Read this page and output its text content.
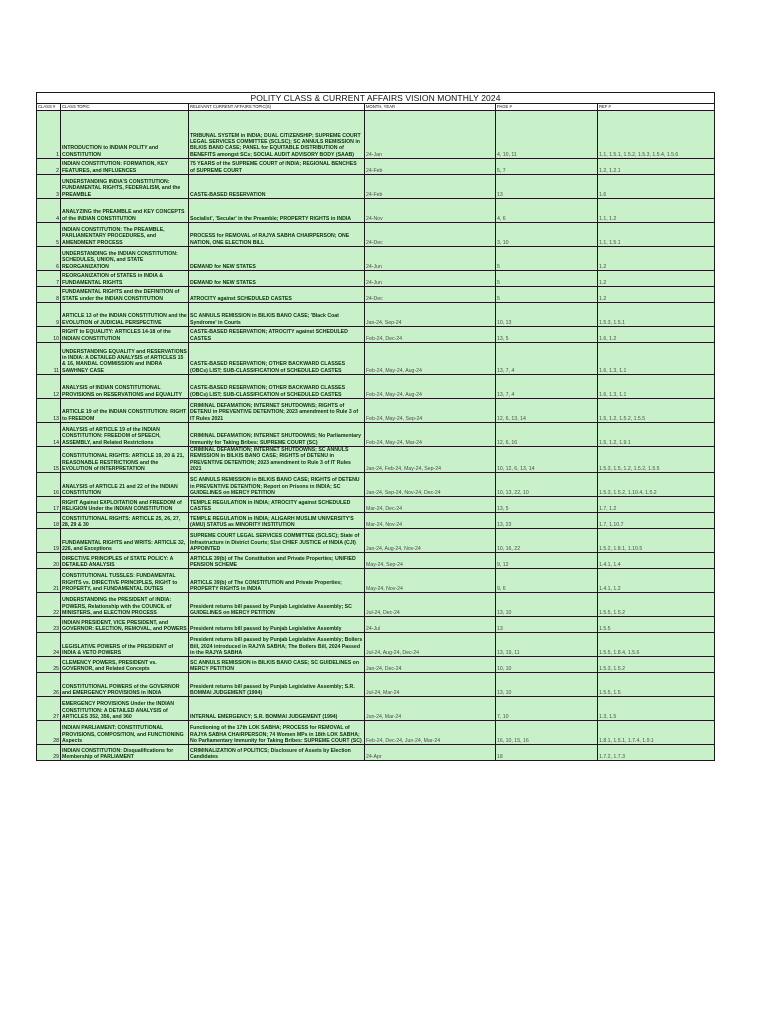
POLITY CLASS & CURRENT AFFAIRS VISION MONTHLY 2024					
CLASS #	CLASS TOPIC	RELEVANT CURRENT AFFAIRS TOPIC(S)	MONTH, YEAR	PAGE #	REF #
1	INTRODUCTION to INDIAN POLITY and CONSTITUTION	TRIBUNAL SYSTEM in INDIA; DUAL CITIZENSHIP; SUPREME COURT LEGAL SERVICES COMMITTEE (SCLSC); SC ANNULS REMISSION in BILKIS BANO CASE; PANEL for EQUITABLE DISTRIBUTION of BENEFITS amongst SCs; SOCIAL AUDIT ADVISORY BODY (SAAB)	24-Jan	4, 10, 11	1.1, 1.5.1, 1.5.2, 1.5.3, 1.5.4, 1.5.6
2	INDIAN CONSTITUTION: FORMATION, KEY FEATURES, and INFLUENCES	75 YEARS of the SUPREME COURT of INDIA; REGIONAL BENCHES of SUPREME COURT	24-Feb	5, 7	1.2, 1.2.1
3	UNDERSTANDING INDIA'S CONSTITUTION: FUNDAMENTAL RIGHTS, FEDERALISM, and the PREAMBLE	CASTE-BASED RESERVATION	24-Feb	13	1.6
4	ANALYZING the PREAMBLE and KEY CONCEPTS of the INDIAN CONSTITUTION	Socialist', 'Secular' in the Preamble; PROPERTY RIGHTS in INDIA	24-Nov	4, 6	1.1, 1.2
5	INDIAN CONSTITUTION: The PREAMBLE, PARLIAMENTARY PROCEDURES, and AMENDMENT PROCESS	PROCESS for REMOVAL of RAJYA SABHA CHAIRPERSON; ONE NATION, ONE ELECTION BILL	24-Dec	3, 10	1.1, 1.5.1
6	UNDERSTANDING the INDIAN CONSTITUTION: SCHEDULES, UNION, and STATE REORGANIZATION	DEMAND for NEW STATES	24-Jun	5	1.2
7	REORGANIZATION of STATES in INDIA & FUNDAMENTAL RIGHTS	DEMAND for NEW STATES	24-Jun	5	1.2
8	FUNDAMENTAL RIGHTS and the DEFINITION of STATE under the INDIAN CONSTITUTION	ATROCITY against SCHEDULED CASTES	24-Dec	5	1.2
9	ARTICLE 13 of the INDIAN CONSTITUTION and the EVOLUTION of JUDICIAL PERSPECTIVE	SC ANNULS REMISSION in BILKIS BANO CASE; 'Black Coat Syndrome' in Courts	Jan-24, Sep-24	10, 13	1.5.3, 1.5.1
10	RIGHT to EQUALITY: ARTICLES 14-18 of the INDIAN CONSTITUTION	CASTE-BASED RESERVATION; ATROCITY against SCHEDULED CASTES	Feb-24, Dec-24	13, 5	1.6, 1.2
11	UNDERSTANDING EQUALITY and RESERVATIONS in INDIA: A DETAILED ANALYSIS of ARTICLES 15 & 16, MANDAL COMMISSION and INDRA SAWHNEY CASE	CASTE-BASED RESERVATION; OTHER BACKWARD CLASSES (OBCs) LIST; SUB-CLASSIFICATION of SCHEDULED CASTES	Feb-24, May-24, Aug-24	13, 7, 4	1.6, 1.3, 1.1
12	ANALYSIS of INDIAN CONSTITUTIONAL PROVISIONS on RESERVATIONS and EQUALITY	CASTE-BASED RESERVATION; OTHER BACKWARD CLASSES (OBCs) LIST; SUB-CLASSIFICATION of SCHEDULED CASTES	Feb-24, May-24, Aug-24	13, 7, 4	1.6, 1.3, 1.1
13	ARTICLE 19 of the INDIAN CONSTITUTION: RIGHT to FREEDOM	CRIMINAL DEFAMATION; INTERNET SHUTDOWNS; RIGHTS of DETENU in PREVENTIVE DETENTION; 2023 amendment to Rule 3 of IT Rules 2021	Feb-24, May-24, Sep-24	12, 6, 13, 14	1.5, 1.2, 1.5.2, 1.5.5
14	ANALYSIS of ARTICLE 19 of the INDIAN CONSTITUTION: FREEDOM of SPEECH, ASSEMBLY, and Related Restrictions	CRIMINAL DEFAMATION; INTERNET SHUTDOWNS; No Parliamentary Immunity for Taking Bribes: SUPREME COURT (SC)	Feb-24, May-24, Mar-24	12, 6, 16	1.5, 1.2, 1.9.1
15	CONSTITUTIONAL RIGHTS: ARTICLE 19, 20 & 21, REASONABLE RESTRICTIONS and the EVOLUTION of INTERPRETATION	CRIMINAL DEFAMATION; INTERNET SHUTDOWNS; SC ANNULS REMISSION in BILKIS BANO CASE; RIGHTS of DETENU in PREVENTIVE DETENTION; 2023 amendment to Rule 3 of IT Rules 2021	Jan-24, Feb-24, May-24, Sep-24	10, 12, 6, 13, 14	1.5.3, 1.5, 1.2, 1.5.2, 1.5.5
16	ANALYSIS of ARTICLE 21 and 22 of the INDIAN CONSTITUTION	SC ANNULS REMISSION in BILKIS BANO CASE; RIGHTS of DETENU in PREVENTIVE DETENTION; Report on Prisons in INDIA; SC GUIDELINES on MERCY PETITION	Jan-24, Sep-24, Nov-24, Dec-24	10, 13, 22, 10	1.5.3, 1.5.2, 1.10.4, 1.5.2
17	RIGHT Against EXPLOITATION and FREEDOM of RELIGION Under the INDIAN CONSTITUTION	TEMPLE REGULATION in INDIA; ATROCITY against SCHEDULED CASTES	Mar-24, Dec-24	13, 5	1.7, 1.2
18	CONSTITUTIONAL RIGHTS: ARTICLE 25, 26, 27, 28, 29 & 30	TEMPLE REGULATION in INDIA; ALIGARH MUSLIM UNIVERSITY'S (AMU) STATUS as MINORITY INSTITUTION	Mar-24, Nov-24	13, 23	1.7, 1.10.7
19	FUNDAMENTAL RIGHTS and WRITS: ARTICLE 32, 226, and Exceptions	SUPREME COURT LEGAL SERVICES COMMITTEE (SCLSC); State of Infrastructure in District Courts; 51st CHIEF JUSTICE of INDIA (CJI) APPOINTED	Jan-24, Aug-24, Nov-24	10, 16, 22	1.5.2, 1.8.1, 1.10.5
20	DIRECTIVE PRINCIPLES of STATE POLICY: A DETAILED ANALYSIS	ARTICLE 39(b) of The Constitution and Private Properties; UNIFIED PENSION SCHEME	May-24, Sep-24	9, 12	1.4.1, 1.4
21	CONSTITUTIONAL TUSSLES: FUNDAMENTAL RIGHTS vs. DIRECTIVE PRINCIPLES, RIGHT to PROPERTY, and FUNDAMENTAL DUTIES	ARTICLE 39(b) of The CONSTITUTION and Private Properties; PROPERTY RIGHTS in INDIA	May-24, Nov-24	9, 6	1.4.1, 1.2
22	UNDERSTANDING the PRESIDENT of INDIA: POWERS, Relationship with the COUNCIL of MINISTERS, and ELECTION PROCESS	President returns bill passed by Punjab Legislative Assembly; SC GUIDELINES on MERCY PETITION	Jul-24, Dec-24	13, 10	1.5.5, 1.5.2
23	INDIAN PRESIDENT, VICE PRESIDENT, and GOVERNOR: ELECTION, REMOVAL, and POWERS	President returns bill passed by Punjab Legislative Assembly	24-Jul	13	1.5.5
24	LEGISLATIVE POWERS of the PRESIDENT of INDIA & VETO POWERS	President returns bill passed by Punjab Legislative Assembly; Boilers Bill, 2024 introduced in RAJYA SABHA; The Boilers Bill, 2024 Passed in the RAJYA SABHA	Jul-24, Aug-24, Dec-24	13, 19, 11	1.5.5, 1.8.4, 1.5.6
25	CLEMENCY POWERS, PRESIDENT vs. GOVERNOR, and Related Concepts	SC ANNULS REMISSION in BILKIS BANO CASE; SC GUIDELINES on MERCY PETITION	Jan-24, Dec-24	10, 10	1.5.3, 1.5.2
26	CONSTITUTIONAL POWERS of the GOVERNOR and EMERGENCY PROVISIONS in INDIA	President returns bill passed by Punjab Legislative Assembly; S.R. BOMMAI JUDGEMENT (1994)	Jul-24, Mar-24	13, 10	1.5.5, 1.5
27	EMERGENCY PROVISIONS Under the INDIAN CONSTITUTION: A DETAILED ANALYSIS of ARTICLES 352, 356, and 360	INTERNAL EMERGENCY; S.R. BOMMAI JUDGEMENT (1994)	Jun-24, Mar-24	7, 10	1.3, 1.5
28	INDIAN PARLIAMENT: CONSTITUTIONAL PROVISIONS, COMPOSITION, and FUNCTIONING Aspects	Functioning of the 17th LOK SABHA; PROCESS for REMOVAL of RAJYA SABHA CHAIRPERSON; 74 Women MPs in 18th LOK SABHA; No Parliamentary Immunity for Taking Bribes: SUPREME COURT (SC)	Feb-24, Dec-24, Jun-24, Mar-24	16, 10, 15, 16	1.8.1, 1.5.1, 1.7.4, 1.9.1
29	INDIAN CONSTITUTION: Disqualifications for Membership of PARLIAMENT	CRIMINALIZATION of POLITICS; Disclosure of Assets by Election Candidates	24-Apr	18	1.7.2, 1.7.3
